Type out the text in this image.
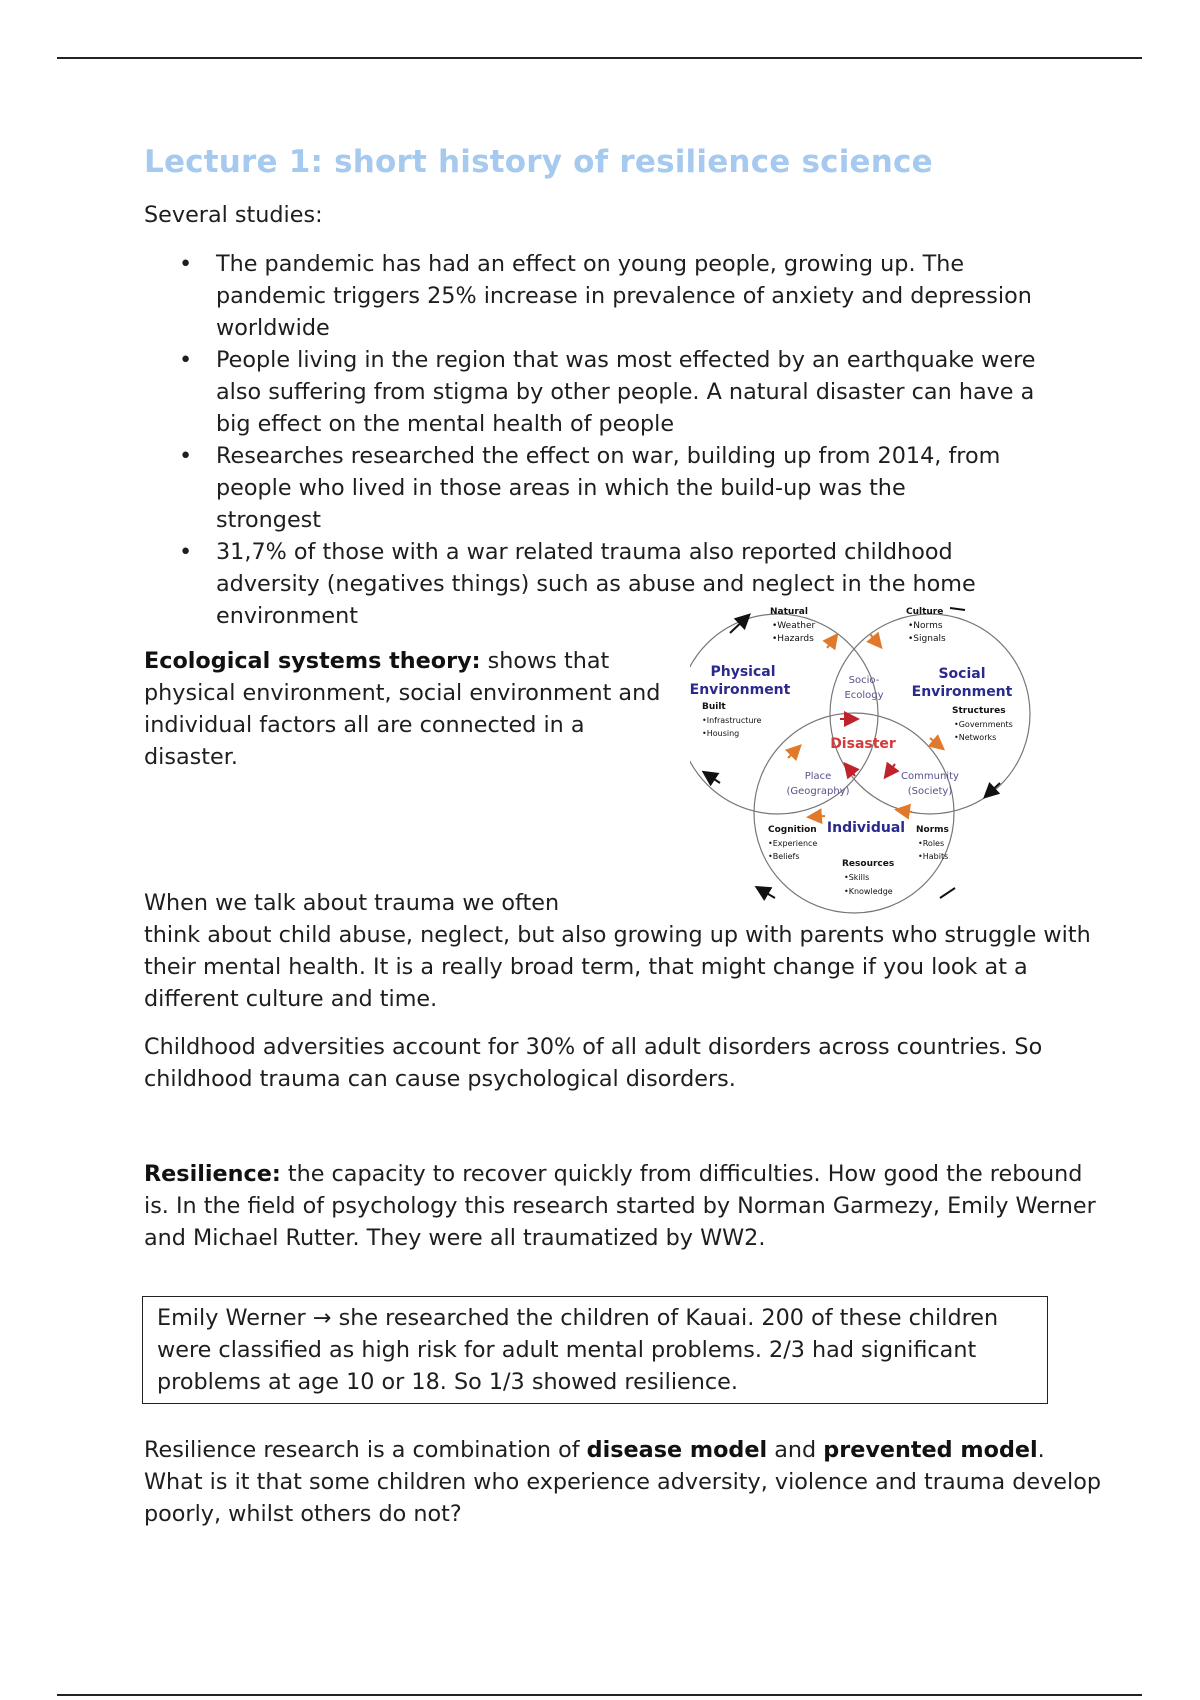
Lecture 1: short history of resilience science

Several studies:

• The pandemic has had an effect on young people, growing up. The pandemic triggers 25% increase in prevalence of anxiety and depression worldwide
• People living in the region that was most effected by an earthquake were also suffering from stigma by other people. A natural disaster can have a big effect on the mental health of people
• Researches researched the effect on war, building up from 2014, from people who lived in those areas in which the build-up was the strongest
• 31,7% of those with a war related trauma also reported childhood adversity (negatives things) such as abuse and neglect in the home environment

Ecological systems theory: shows that physical environment, social environment and individual factors all are connected in a disaster.

Physical
Environment
Social
Environment
Individual
Disaster
Socio-
Ecology
Place
(Geography)
Community
(Society)
Natural
•Weather
•Hazards
Culture
•Norms
•Signals
Built
•Infrastructure
•Housing
Structures
•Governments
•Networks
Cognition
•Experience
•Beliefs
Norms
•Roles
•Habits
Resources
•Skills
•Knowledge

When we talk about trauma we often
think about child abuse, neglect, but also growing up with parents who struggle with their mental health. It is a really broad term, that might change if you look at a different culture and time.

Childhood adversities account for 30% of all adult disorders across countries. So childhood trauma can cause psychological disorders.

Resilience: the capacity to recover quickly from difficulties. How good the rebound is. In the field of psychology this research started by Norman Garmezy, Emily Werner and Michael Rutter. They were all traumatized by WW2.

Emily Werner → she researched the children of Kauai. 200 of these children were classified as high risk for adult mental problems. 2/3 had significant problems at age 10 or 18. So 1/3 showed resilience.

Resilience research is a combination of disease model and prevented model. What is it that some children who experience adversity, violence and trauma develop poorly, whilst others do not?
